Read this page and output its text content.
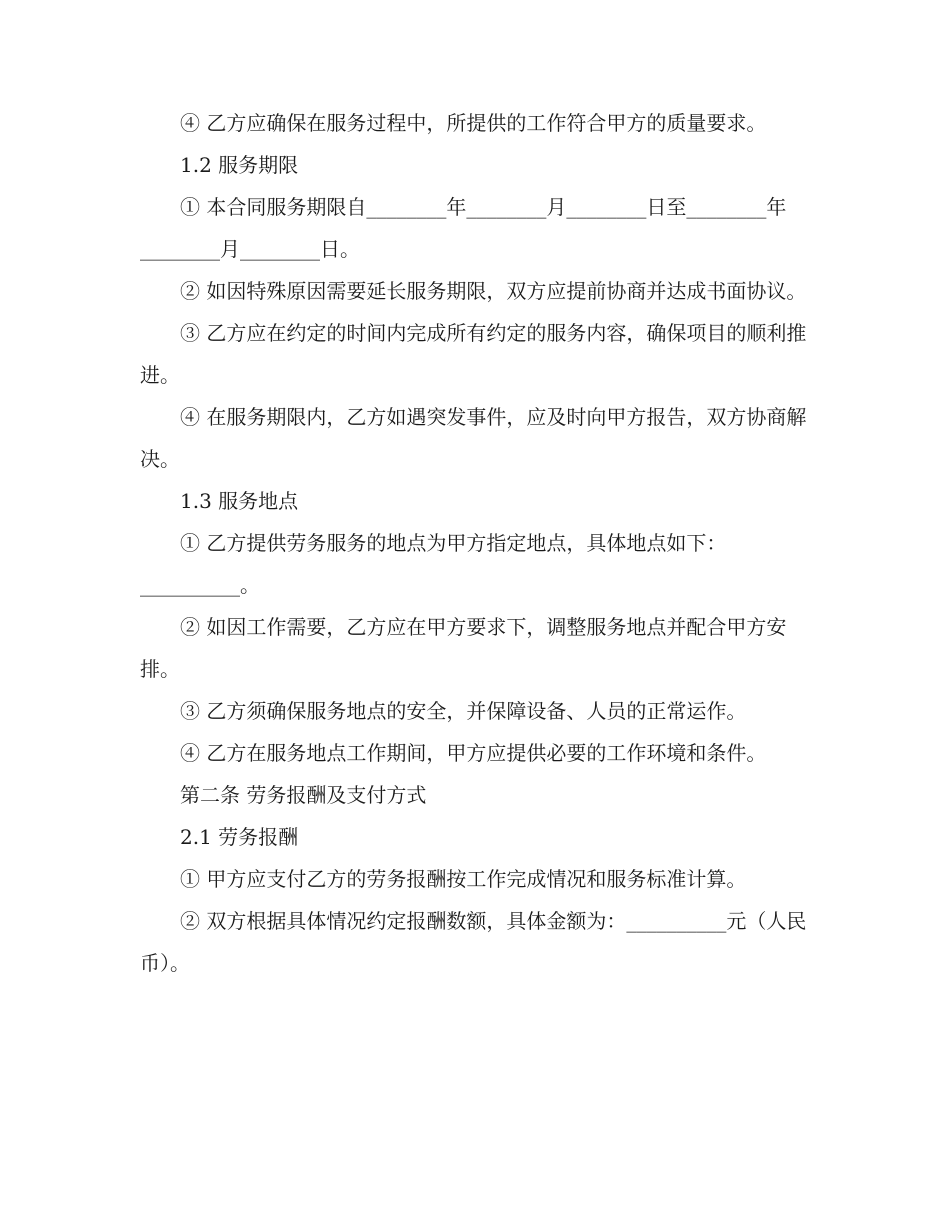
④ 乙方应确保在服务过程中，所提供的工作符合甲方的质量要求。

1.2 服务期限

① 本合同服务期限自________年________月________日至________年________月________日。

② 如因特殊原因需要延长服务期限，双方应提前协商并达成书面协议。

③ 乙方应在约定的时间内完成所有约定的服务内容，确保项目的顺利推进。

④ 在服务期限内，乙方如遇突发事件，应及时向甲方报告，双方协商解决。

1.3 服务地点

① 乙方提供劳务服务的地点为甲方指定地点，具体地点如下：__________。

② 如因工作需要，乙方应在甲方要求下，调整服务地点并配合甲方安排。

③ 乙方须确保服务地点的安全，并保障设备、人员的正常运作。

④ 乙方在服务地点工作期间，甲方应提供必要的工作环境和条件。

第二条 劳务报酬及支付方式

2.1 劳务报酬

① 甲方应支付乙方的劳务报酬按工作完成情况和服务标准计算。

② 双方根据具体情况约定报酬数额，具体金额为：__________元（人民币）。
